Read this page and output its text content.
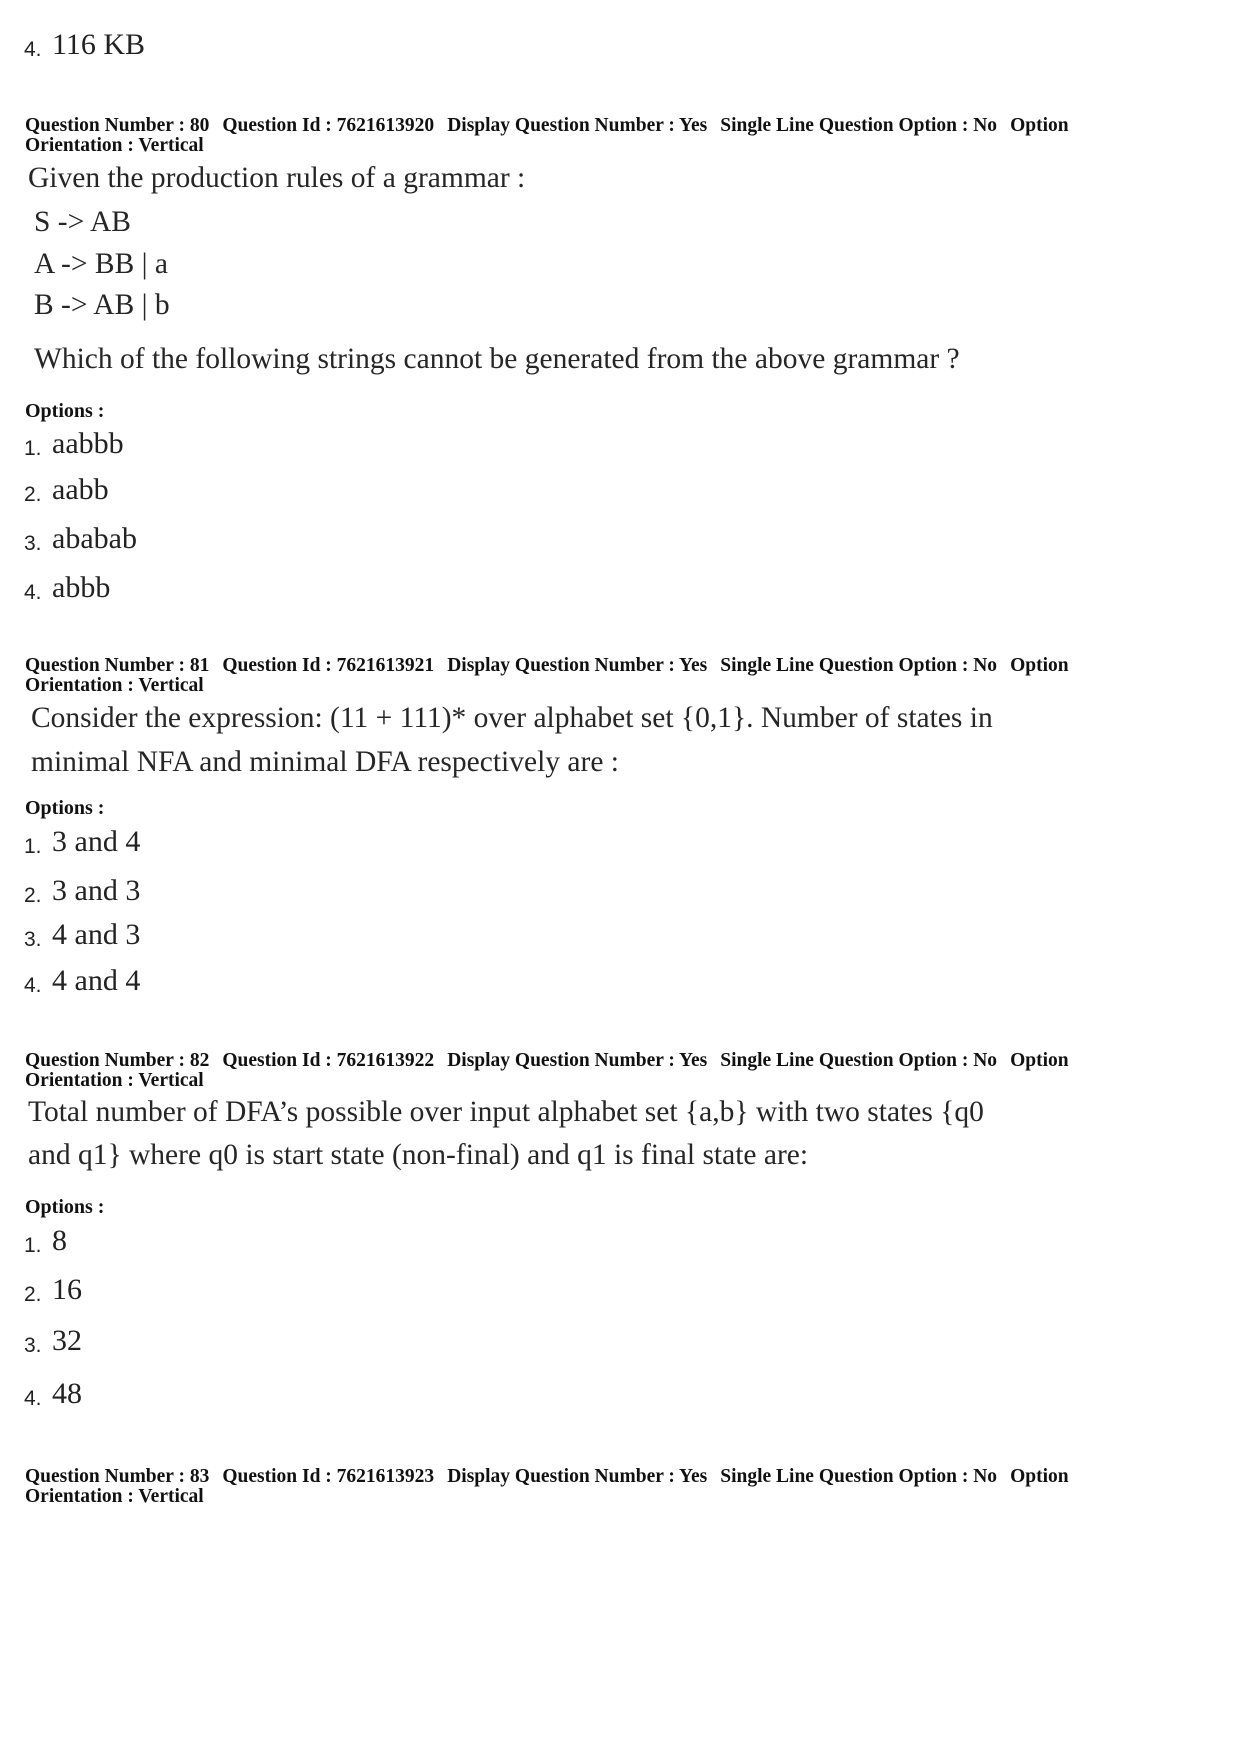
4. 116 KB
Question Number : 80 Question Id : 7621613920 Display Question Number : Yes Single Line Question Option : No Option
Orientation : Vertical
Given the production rules of a grammar :
S -> AB
A -> BB | a
B -> AB | b
Which of the following strings cannot be generated from the above grammar ?
Options :
1. aabbb
2. aabb
3. ababab
4. abbb
Question Number : 81 Question Id : 7621613921 Display Question Number : Yes Single Line Question Option : No Option
Orientation : Vertical
Consider the expression: (11 + 111)* over alphabet set {0,1}. Number of states in
minimal NFA and minimal DFA respectively are :
Options :
1. 3 and 4
2. 3 and 3
3. 4 and 3
4. 4 and 4
Question Number : 82 Question Id : 7621613922 Display Question Number : Yes Single Line Question Option : No Option
Orientation : Vertical
Total number of DFA’s possible over input alphabet set {a,b} with two states {q0
and q1} where q0 is start state (non-final) and q1 is final state are:
Options :
1. 8
2. 16
3. 32
4. 48
Question Number : 83 Question Id : 7621613923 Display Question Number : Yes Single Line Question Option : No Option
Orientation : Vertical
